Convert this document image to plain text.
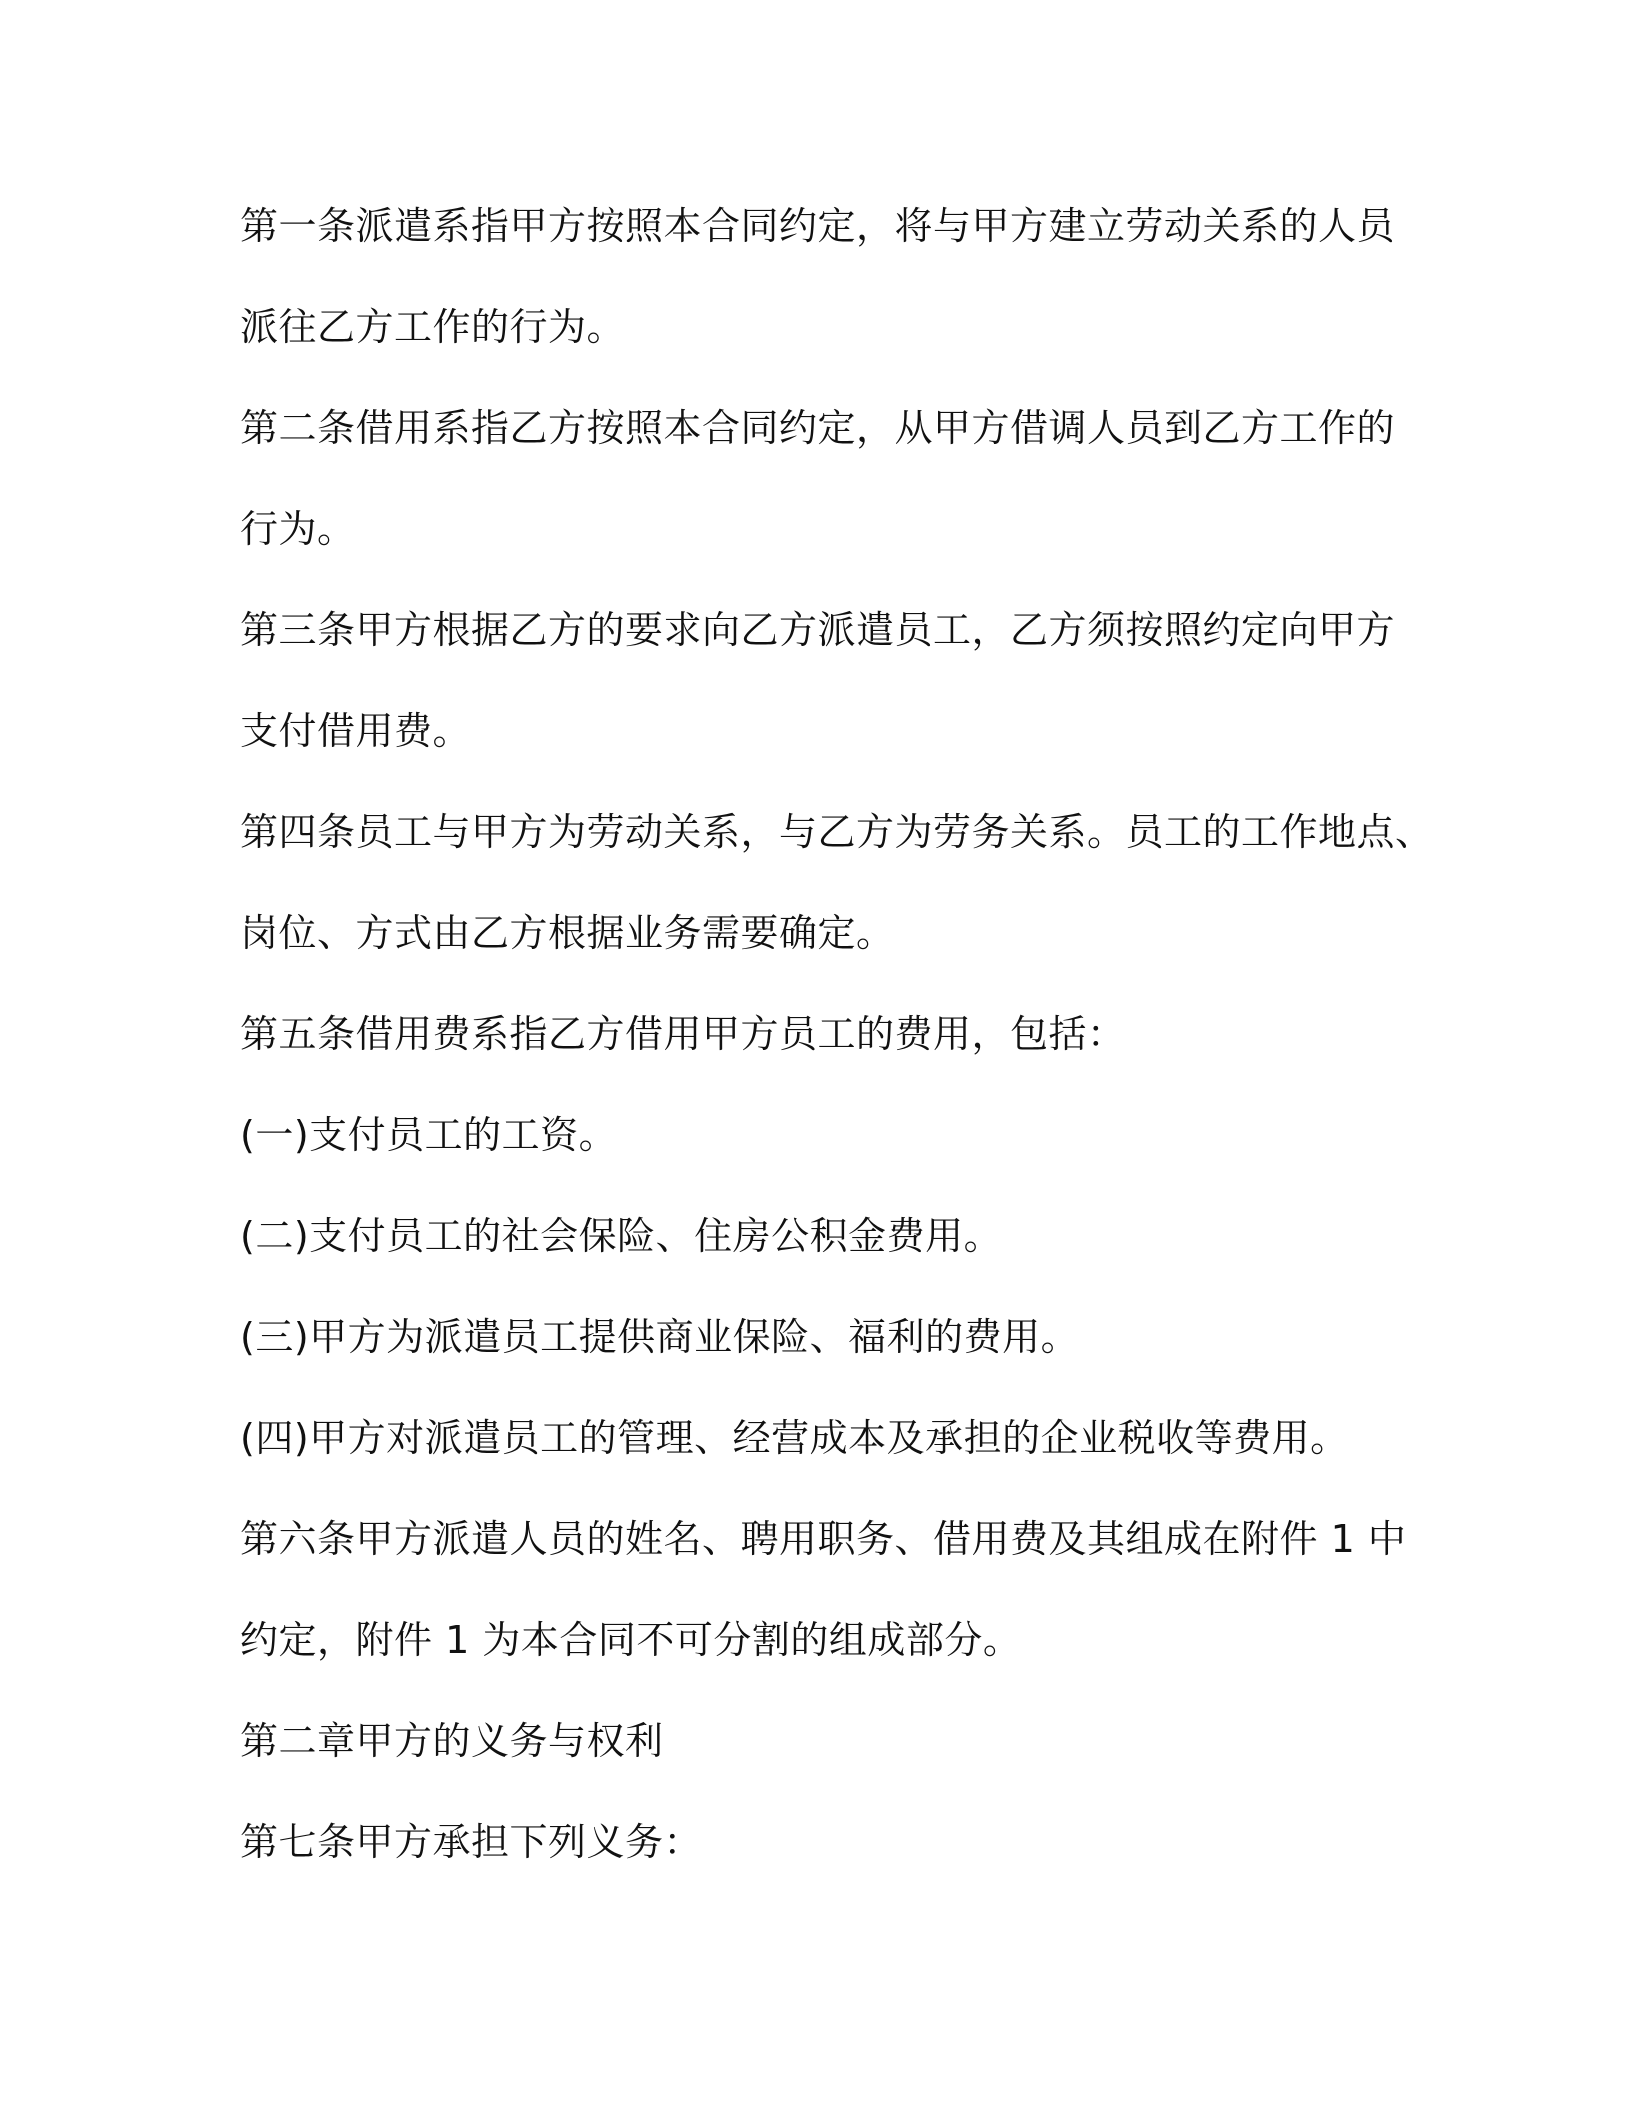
第一条派遣系指甲方按照本合同约定，将与甲方建立劳动关系的人员
派往乙方工作的行为。
第二条借用系指乙方按照本合同约定，从甲方借调人员到乙方工作的
行为。
第三条甲方根据乙方的要求向乙方派遣员工，乙方须按照约定向甲方
支付借用费。
第四条员工与甲方为劳动关系，与乙方为劳务关系。员工的工作地点、
岗位、方式由乙方根据业务需要确定。
第五条借用费系指乙方借用甲方员工的费用，包括：
(一)支付员工的工资。
(二)支付员工的社会保险、住房公积金费用。
(三)甲方为派遣员工提供商业保险、福利的费用。
(四)甲方对派遣员工的管理、经营成本及承担的企业税收等费用。
第六条甲方派遣人员的姓名、聘用职务、借用费及其组成在附件 1 中
约定，附件 1 为本合同不可分割的组成部分。
第二章甲方的义务与权利
第七条甲方承担下列义务：
